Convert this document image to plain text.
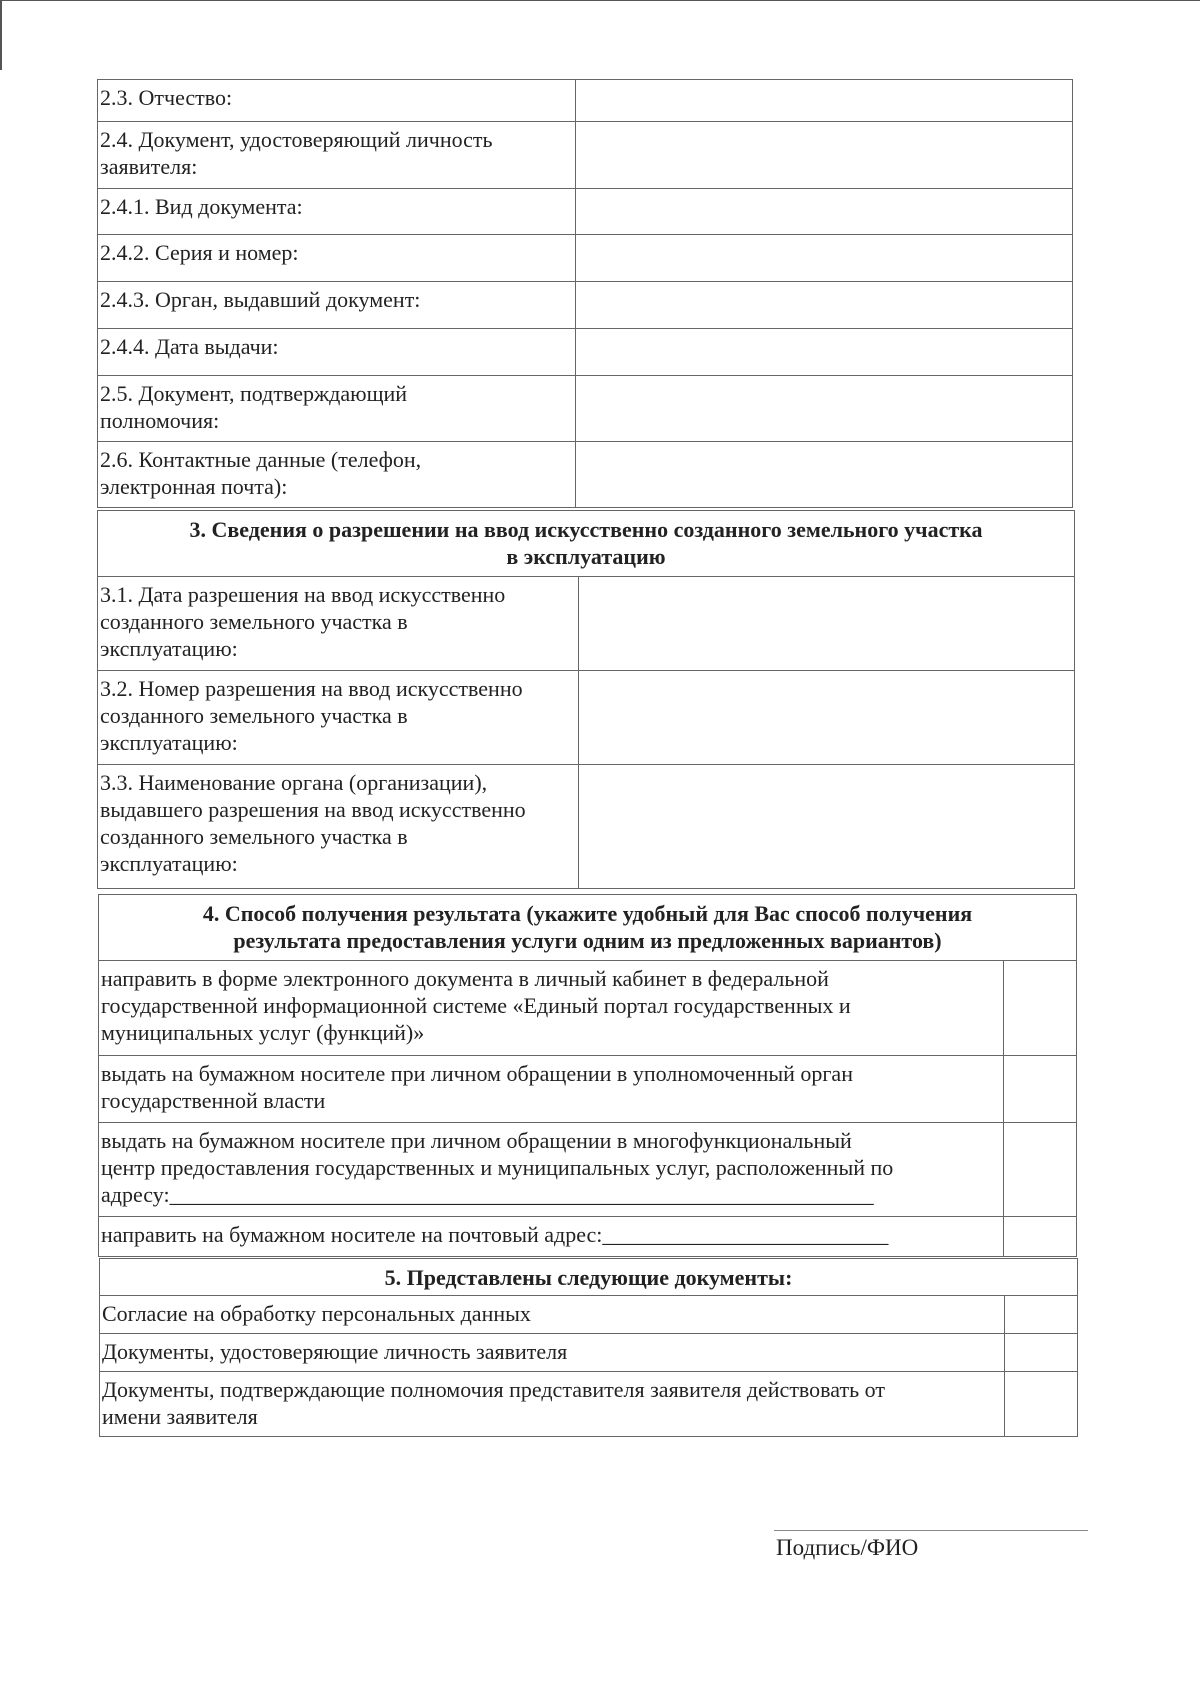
2.3. Отчество:	

2.4. Документ, удостоверяющий личность
заявителя:	

2.4.1. Вид документа:	

2.4.2. Серия и номер:	

2.4.3. Орган, выдавший документ:	

2.4.4. Дата выдачи:	

2.5. Документ, подтверждающий
полномочия:	

2.6. Контактные данные (телефон,
электронная почта):	

3. Сведения о разрешении на ввод искусственно созданного земельного участка
в эксплуатацию	

3.1. Дата разрешения на ввод искусственно
созданного земельного участка в
эксплуатацию:	

3.2. Номер разрешения на ввод искусственно
созданного земельного участка в
эксплуатацию:	

3.3. Наименование органа (организации),
выдавшего разрешения на ввод искусственно
созданного земельного участка в
эксплуатацию:	

4. Способ получения результата (укажите удобный для Вас способ получения
результата предоставления услуги одним из предложенных вариантов)	

направить в форме электронного документа в личный кабинет в федеральной
государственной информационной системе «Единый портал государственных и
муниципальных услуг (функций)»	

выдать на бумажном носителе при личном обращении в уполномоченный орган
государственной власти	

выдать на бумажном носителе при личном обращении в многофункциональный
центр предоставления государственных и муниципальных услуг, расположенный по
адресу:________________________________________________________________	

направить на бумажном носителе на почтовый адрес:__________________________	

5. Представлены следующие документы:	

Согласие на обработку персональных данных	

Документы, удостоверяющие личность заявителя	

Документы, подтверждающие полномочия представителя заявителя действовать от
имени заявителя	

Подпись/ФИО
